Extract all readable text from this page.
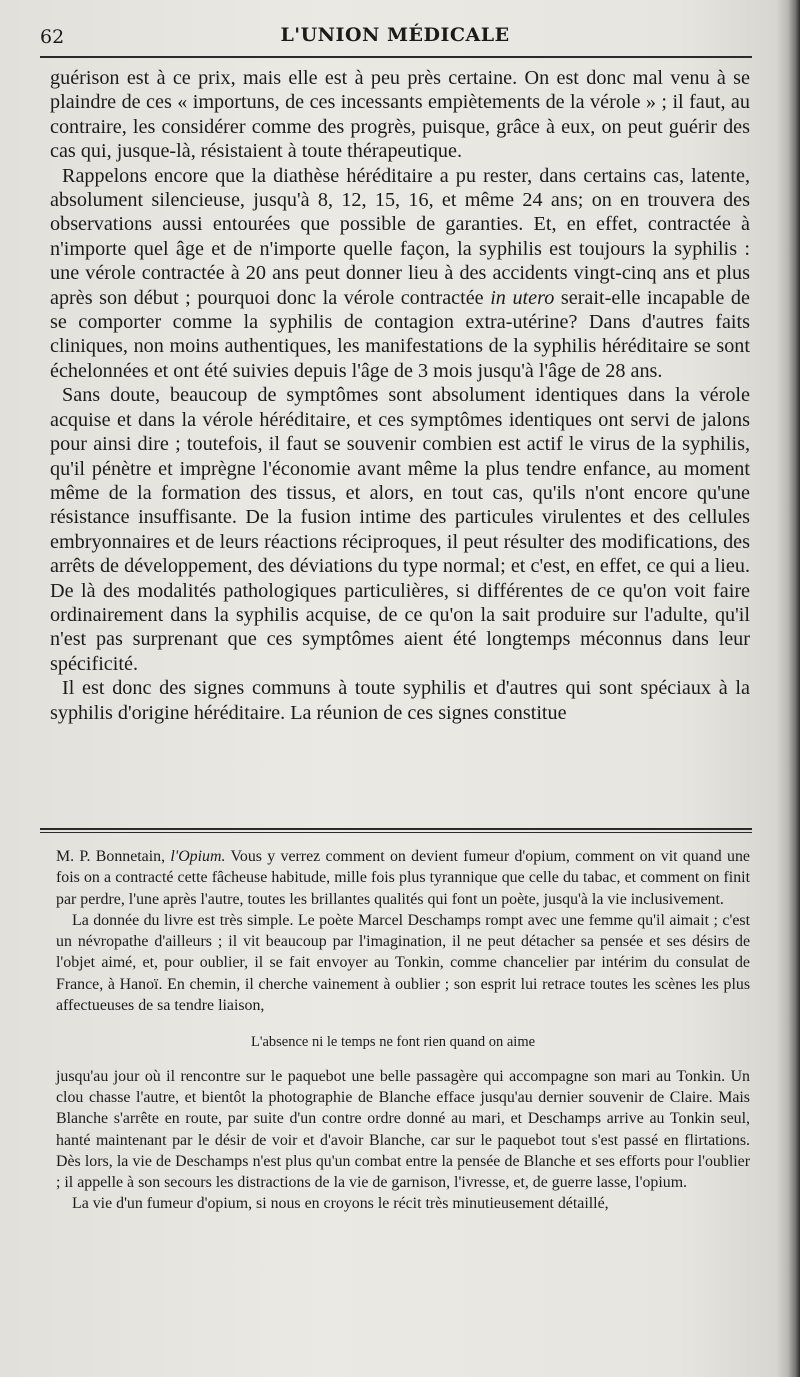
62	L'UNION MÉDICALE

guérison est à ce prix, mais elle est à peu près certaine. On est donc mal venu à se plaindre de ces « importuns, de ces incessants empiètements de la vérole » ; il faut, au contraire, les considérer comme des progrès, puisque, grâce à eux, on peut guérir des cas qui, jusque-là, résistaient à toute thérapeutique.

Rappelons encore que la diathèse héréditaire a pu rester, dans certains cas, latente, absolument silencieuse, jusqu'à 8, 12, 15, 16, et même 24 ans; on en trouvera des observations aussi entourées que possible de garanties. Et, en effet, contractée à n'importe quel âge et de n'importe quelle façon, la syphilis est toujours la syphilis : une vérole contractée à 20 ans peut donner lieu à des accidents vingt-cinq ans et plus après son début ; pourquoi donc la vérole contractée in utero serait-elle incapable de se comporter comme la syphilis de contagion extra-utérine? Dans d'autres faits cliniques, non moins authentiques, les manifestations de la syphilis héréditaire se sont échelonnées et ont été suivies depuis l'âge de 3 mois jusqu'à l'âge de 28 ans.

Sans doute, beaucoup de symptômes sont absolument identiques dans la vérole acquise et dans la vérole héréditaire, et ces symptômes identiques ont servi de jalons pour ainsi dire ; toutefois, il faut se souvenir combien est actif le virus de la syphilis, qu'il pénètre et imprègne l'économie avant même la plus tendre enfance, au moment même de la formation des tissus, et alors, en tout cas, qu'ils n'ont encore qu'une résistance insuffisante. De la fusion intime des particules virulentes et des cellules embryonnaires et de leurs réactions réciproques, il peut résulter des modifications, des arrêts de développement, des déviations du type normal; et c'est, en effet, ce qui a lieu. De là des modalités pathologiques particulières, si différentes de ce qu'on voit faire ordinairement dans la syphilis acquise, de ce qu'on la sait produire sur l'adulte, qu'il n'est pas surprenant que ces symptômes aient été longtemps méconnus dans leur spécificité.

Il est donc des signes communs à toute syphilis et d'autres qui sont spéciaux à la syphilis d'origine héréditaire. La réunion de ces signes constitue

M. P. Bonnetain, l'Opium. Vous y verrez comment on devient fumeur d'opium, comment on vit quand une fois on a contracté cette fâcheuse habitude, mille fois plus tyrannique que celle du tabac, et comment on finit par perdre, l'une après l'autre, toutes les brillantes qualités qui font un poète, jusqu'à la vie inclusivement.

La donnée du livre est très simple. Le poète Marcel Deschamps rompt avec une femme qu'il aimait ; c'est un névropathe d'ailleurs ; il vit beaucoup par l'imagination, il ne peut détacher sa pensée et ses désirs de l'objet aimé, et, pour oublier, il se fait envoyer au Tonkin, comme chancelier par intérim du consulat de France, à Hanoï. En chemin, il cherche vainement à oublier ; son esprit lui retrace toutes les scènes les plus affectueuses de sa tendre liaison,

L'absence ni le temps ne font rien quand on aime

jusqu'au jour où il rencontre sur le paquebot une belle passagère qui accompagne son mari au Tonkin. Un clou chasse l'autre, et bientôt la photographie de Blanche efface jusqu'au dernier souvenir de Claire. Mais Blanche s'arrête en route, par suite d'un contre ordre donné au mari, et Deschamps arrive au Tonkin seul, hanté maintenant par le désir de voir et d'avoir Blanche, car sur le paquebot tout s'est passé en flirtations. Dès lors, la vie de Deschamps n'est plus qu'un combat entre la pensée de Blanche et ses efforts pour l'oublier ; il appelle à son secours les distractions de la vie de garnison, l'ivresse, et, de guerre lasse, l'opium.

La vie d'un fumeur d'opium, si nous en croyons le récit très minutieusement détaillé,
